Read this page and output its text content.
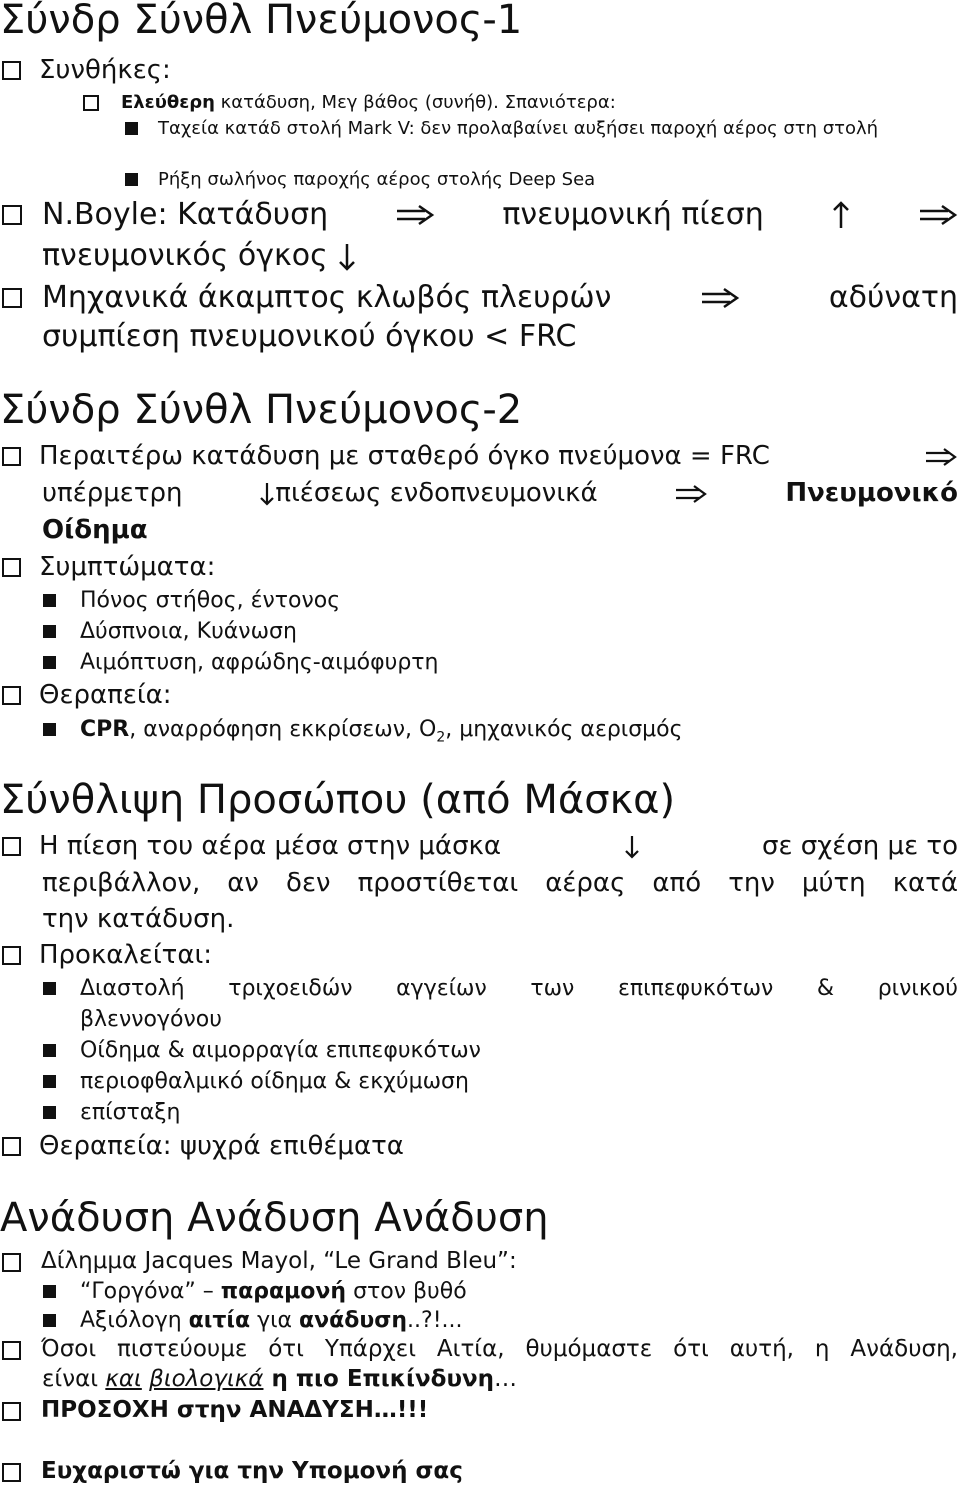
Σύνδρ Σύνθλ Πνεύμονος-1
Συνθήκες:
Ελεύθερη κατάδυση, Μεγ βάθος (συνήθ). Σπανιότερα:
Ταχεία κατάδ στολή Mark V: δεν προλαβαίνει αυξήσει παροχή αέρος στη στολή
Ρήξη σωλήνος παροχής αέρος στολής Deep Sea
N.Boyle: Κατάδυση	πνευμονική πίεση
πνευμονικός όγκος
Μηχανικά άκαμπτος κλωβός πλευρών	αδύνατη
συμπίεση πνευμονικού όγκου < FRC
Σύνδρ Σύνθλ Πνεύμονος-2
Περαιτέρω κατάδυση με σταθερό όγκο πνεύμονα = FRC
υπέρμετρη	πιέσεως ενδοπνευμονικά	Πνευμονικό
Οίδημα
Συμπτώματα:
Πόνος στήθος, έντονος
Δύσπνοια, Κυάνωση
Αιμόπτυση, αφρώδης-αιμόφυρτη
Θεραπεία:
CPR, αναρρόφηση εκκρίσεων, $O_2$, μηχανικός αερισμός
Σύνθλιψη Προσώπου (από Μάσκα)
Η πίεση του αέρα μέσα στην μάσκα	σε σχέση με το
περιβάλλον, αν δεν προστίθεται αέρας από την μύτη κατά
την κατάδυση.
Προκαλείται:
Διαστολή τριχοειδών αγγείων των επιπεφυκότων & ρινικού
βλεννογόνου
Οίδημα & αιμορραγία επιπεφυκότων
περιοφθαλμικό οίδημα & εκχύμωση
επίσταξη
Θεραπεία: ψυχρά επιθέματα
Ανάδυση Ανάδυση Ανάδυση
Δίλημμα Jacques Mayol, “Le Grand Bleu”:
“Γοργόνα” – παραμονή στον βυθό
Αξιόλογη αιτία για ανάδυση..?!...
Όσοι πιστεύουμε ότι Υπάρχει Αιτία, θυμόμαστε ότι αυτή, η Ανάδυση,
είναι και βιολογικά η πιο Επικίνδυνη…
ΠΡΟΣΟΧΗ στην ΑΝΑΔΥΣΗ…!!!
Ευχαριστώ για την Υπομονή σας
